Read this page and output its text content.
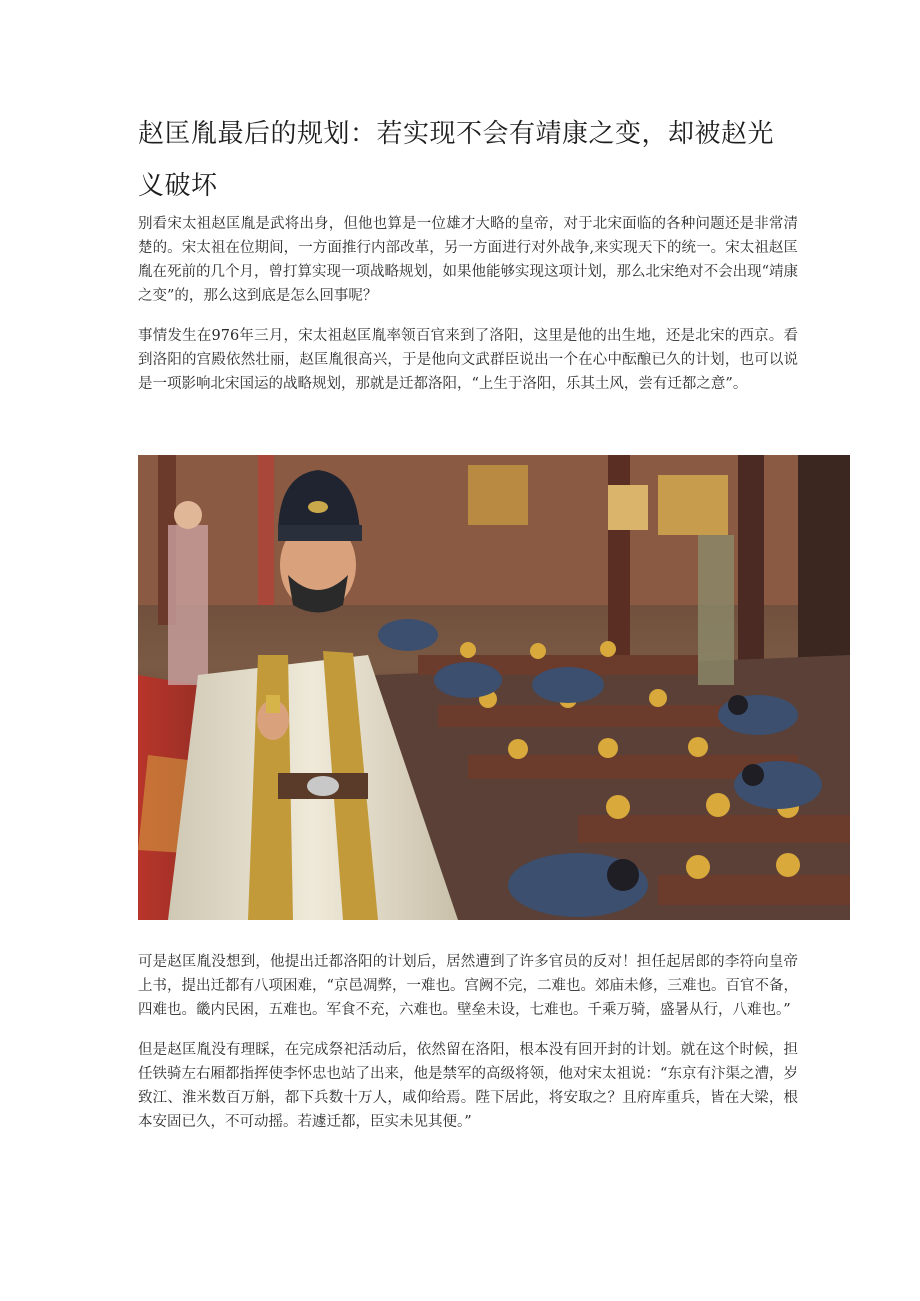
赵匡胤最后的规划：若实现不会有靖康之变，却被赵光义破坏

别看宋太祖赵匡胤是武将出身，但他也算是一位雄才大略的皇帝，对于北宋面临的各种问题还是非常清楚的。宋太祖在位期间，一方面推行内部改革，另一方面进行对外战争,来实现天下的统一。宋太祖赵匡胤在死前的几个月，曾打算实现一项战略规划，如果他能够实现这项计划，那么北宋绝对不会出现“靖康之变”的，那么这到底是怎么回事呢？

事情发生在976年三月，宋太祖赵匡胤率领百官来到了洛阳，这里是他的出生地，还是北宋的西京。看到洛阳的宫殿依然壮丽，赵匡胤很高兴，于是他向文武群臣说出一个在心中酝酿已久的计划，也可以说是一项影响北宋国运的战略规划，那就是迁都洛阳，“上生于洛阳，乐其土风，尝有迁都之意”。

可是赵匡胤没想到，他提出迁都洛阳的计划后，居然遭到了许多官员的反对！担任起居郎的李符向皇帝上书，提出迁都有八项困难，“京邑凋弊，一难也。宫阙不完，二难也。郊庙未修，三难也。百官不备，四难也。畿内民困，五难也。军食不充，六难也。壁垒未设，七难也。千乘万骑，盛暑从行，八难也。”

但是赵匡胤没有理睬，在完成祭祀活动后，依然留在洛阳，根本没有回开封的计划。就在这个时候，担任铁骑左右厢都指挥使李怀忠也站了出来，他是禁军的高级将领，他对宋太祖说：“东京有汴渠之漕，岁致江、淮米数百万斛，都下兵数十万人，咸仰给焉。陛下居此，将安取之？且府库重兵，皆在大梁，根本安固已久，不可动摇。若遽迁都，臣实未见其便。”
